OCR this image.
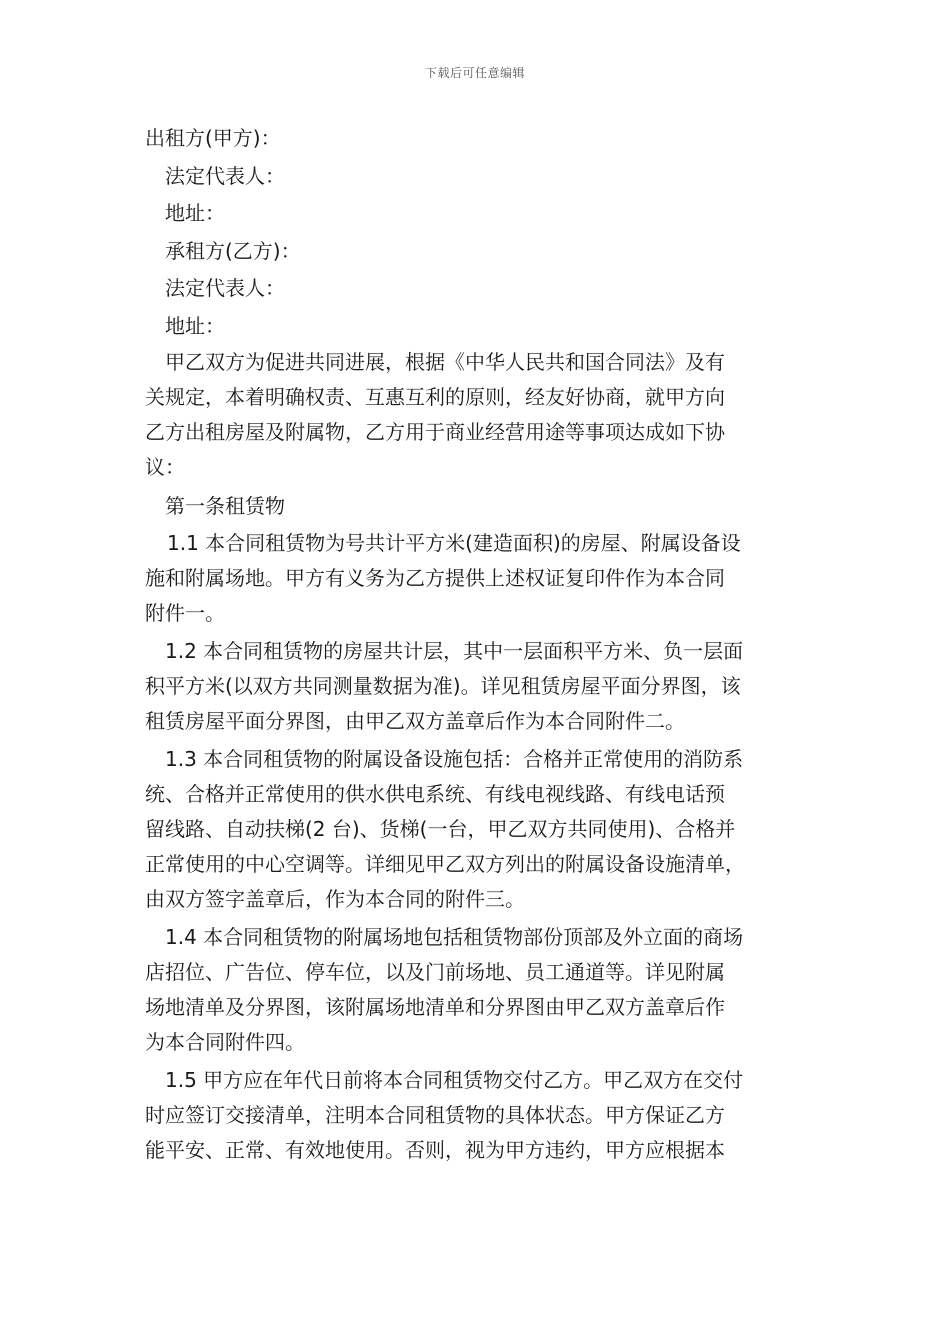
下载后可任意编辑

出租方(甲方)：

法定代表人：

地址：

承租方(乙方)：

法定代表人：

地址：

甲乙双方为促进共同进展，根据《中华人民共和国合同法》及有
关规定，本着明确权责、互惠互利的原则，经友好协商，就甲方向
乙方出租房屋及附属物，乙方用于商业经营用途等事项达成如下协
议：

第一条租赁物

1.1 本合同租赁物为号共计平方米(建造面积)的房屋、附属设备设
施和附属场地。甲方有义务为乙方提供上述权证复印件作为本合同
附件一。
1.2 本合同租赁物的房屋共计层，其中一层面积平方米、负一层面
积平方米(以双方共同测量数据为准)。详见租赁房屋平面分界图，该
租赁房屋平面分界图，由甲乙双方盖章后作为本合同附件二。
1.3 本合同租赁物的附属设备设施包括：合格并正常使用的消防系
统、合格并正常使用的供水供电系统、有线电视线路、有线电话预
留线路、自动扶梯(2 台)、货梯(一台，甲乙双方共同使用)、合格并
正常使用的中心空调等。详细见甲乙双方列出的附属设备设施清单，
由双方签字盖章后，作为本合同的附件三。
1.4 本合同租赁物的附属场地包括租赁物部份顶部及外立面的商场
店招位、广告位、停车位，以及门前场地、员工通道等。详见附属
场地清单及分界图，该附属场地清单和分界图由甲乙双方盖章后作
为本合同附件四。
1.5 甲方应在年代日前将本合同租赁物交付乙方。甲乙双方在交付
时应签订交接清单，注明本合同租赁物的具体状态。甲方保证乙方
能平安、正常、有效地使用。否则，视为甲方违约，甲方应根据本
